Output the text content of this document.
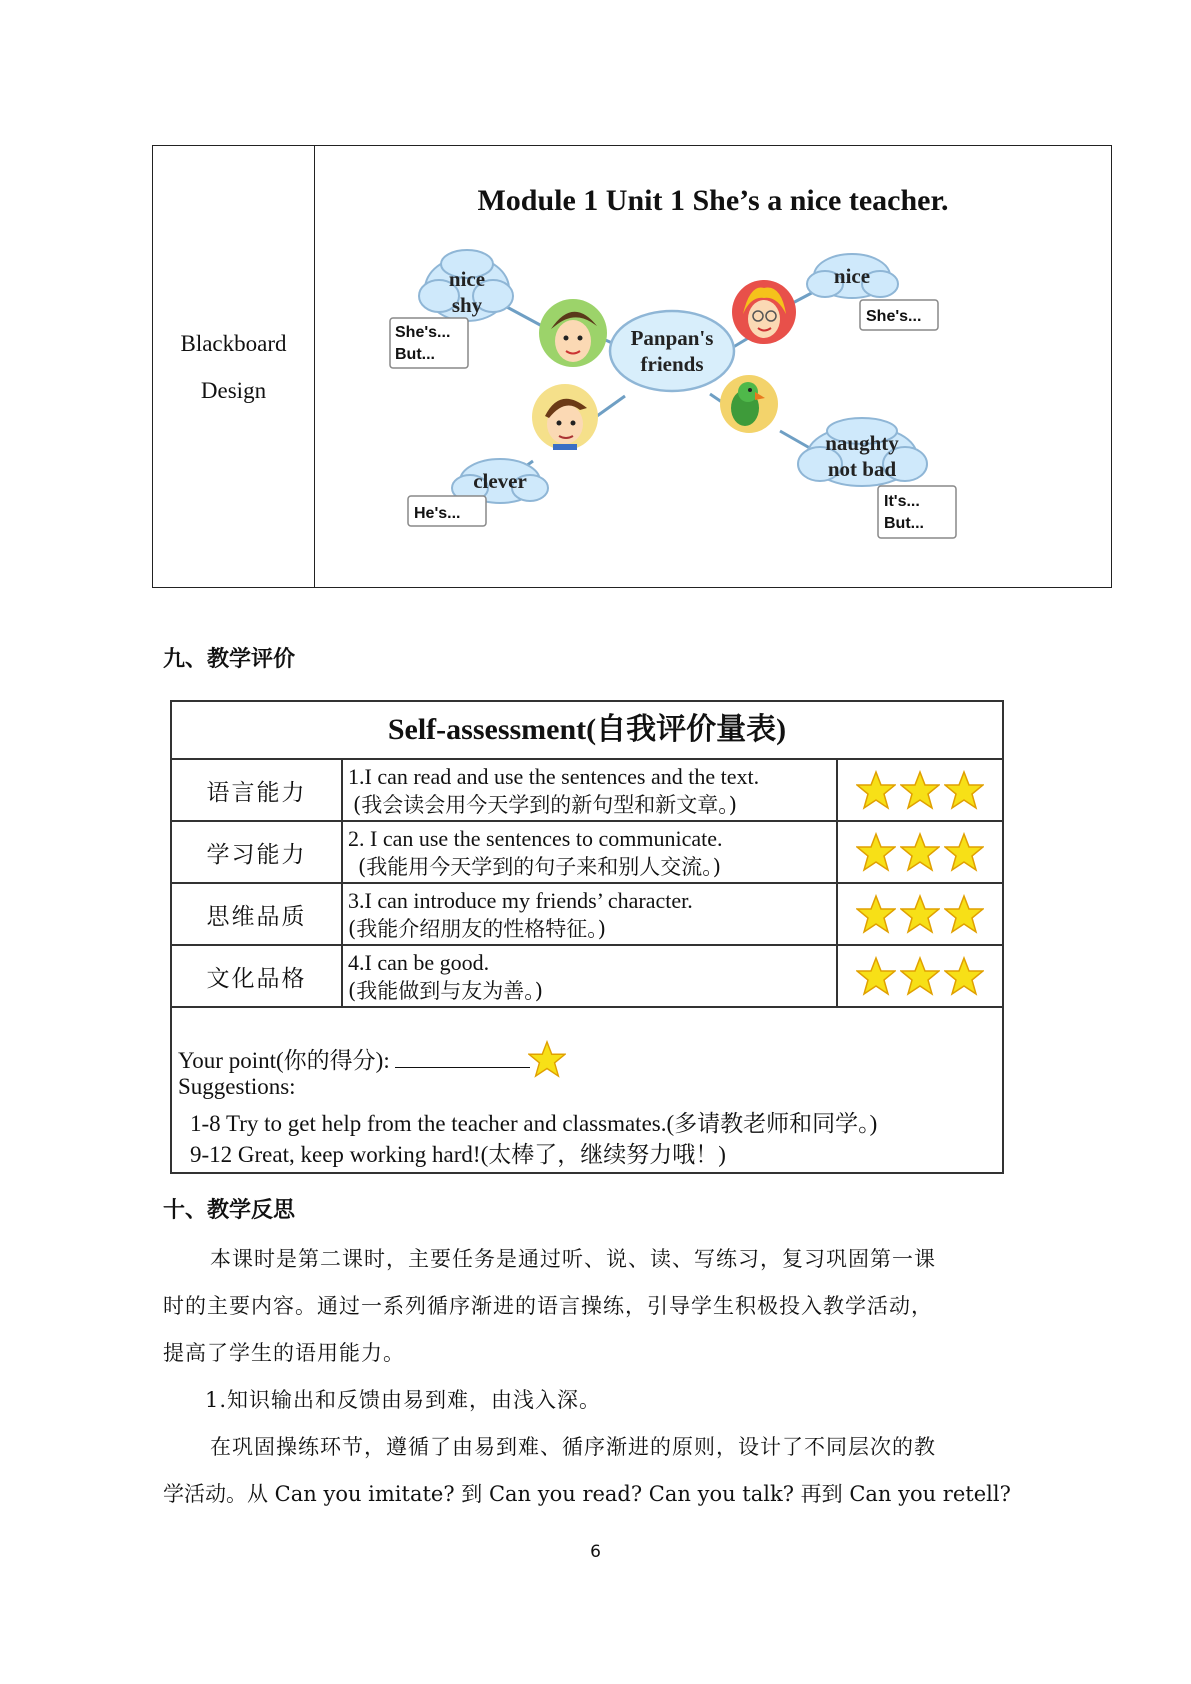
Blackboard
Design
Module 1 Unit 1 She’s a nice teacher.
Panpan's
friends
nice
shy
nice
clever
naughty
not bad
She's...
But...
She's...
He's...
It's...
But...
九、教学评价
Self-assessment(自我评价量表)
语言能力
1.I can read and use the sentences and the text.
(我会读会用今天学到的新句型和新文章。)
学习能力
2. I can use the sentences to communicate.
(我能用今天学到的句子来和别人交流。)
思维品质
3.I can introduce my friends’ character.
(我能介绍朋友的性格特征。)
文化品格
4.I can be good.
(我能做到与友为善。)
Your point(你的得分):
Suggestions:
1-8 Try to get help from the teacher and classmates.(多请教老师和同学。)
9-12 Great, keep working hard!(太棒了，继续努力哦！)
十、教学反思
本课时是第二课时，主要任务是通过听、说、读、写练习，复习巩固第一课
时的主要内容。通过一系列循序渐进的语言操练，引导学生积极投入教学活动，
提高了学生的语用能力。
1.知识输出和反馈由易到难，由浅入深。
在巩固操练环节，遵循了由易到难、循序渐进的原则，设计了不同层次的教
学活动。从 Can you imitate? 到 Can you read? Can you talk? 再到 Can you retell?
6
